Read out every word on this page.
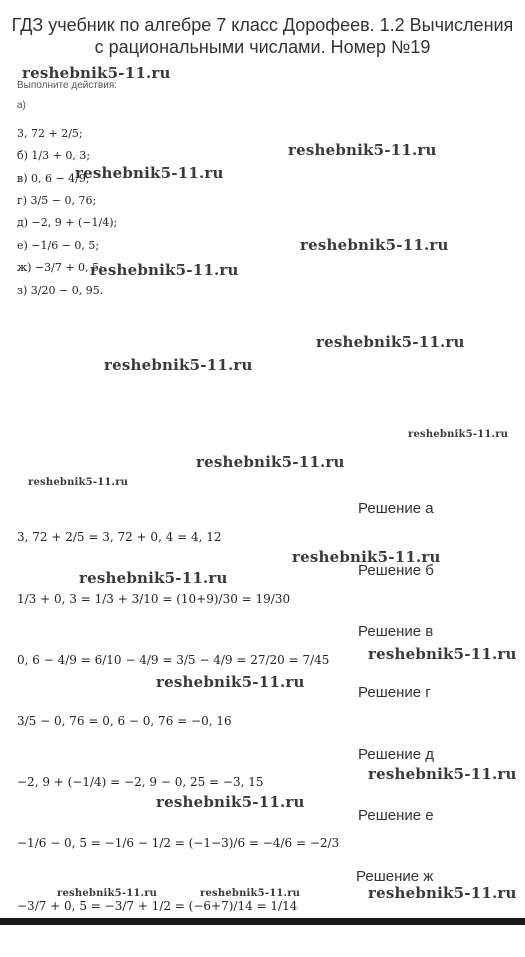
ГДЗ учебник по алгебре 7 класс Дорофеев. 1.2 Вычисления с рациональными числами. Номер №19
reshebnik5-11.ru
Выполните действия:
а)
3, 72 + 2/5;
б) 1/3 + 0, 3;
в) 0, 6 − 4/9;
г) 3/5 − 0, 76;
д) −2, 9 + (−1/4);
е) −1/6 − 0, 5;
ж) −3/7 + 0, 5;
з) 3/20 − 0, 95.
reshebnik5-11.ru
reshebnik5-11.ru
reshebnik5-11.ru
reshebnik5-11.ru
reshebnik5-11.ru
reshebnik5-11.ru
reshebnik5-11.ru
reshebnik5-11.ru
reshebnik5-11.ru
Решение а
3, 72 + 2/5 = 3, 72 + 0, 4 = 4, 12
reshebnik5-11.ru
Решение б
reshebnik5-11.ru
1/3 + 0, 3 = 1/3 + 3/10 = (10+9)/30 = 19/30
Решение в
reshebnik5-11.ru
0, 6 − 4/9 = 6/10 − 4/9 = 3/5 − 4/9 = 27/20 = 7/45
reshebnik5-11.ru
Решение г
3/5 − 0, 76 = 0, 6 − 0, 76 = −0, 16
Решение д
reshebnik5-11.ru
−2, 9 + (−1/4) = −2, 9 − 0, 25 = −3, 15
reshebnik5-11.ru
Решение е
−1/6 − 0, 5 = −1/6 − 1/2 = (−1−3)/6 = −4/6 = −2/3
Решение ж
reshebnik5-11.ru
reshebnik5-11.ru	reshebnik5-11.ru
−3/7 + 0, 5 = −3/7 + 1/2 = (−6+7)/14 = 1/14
